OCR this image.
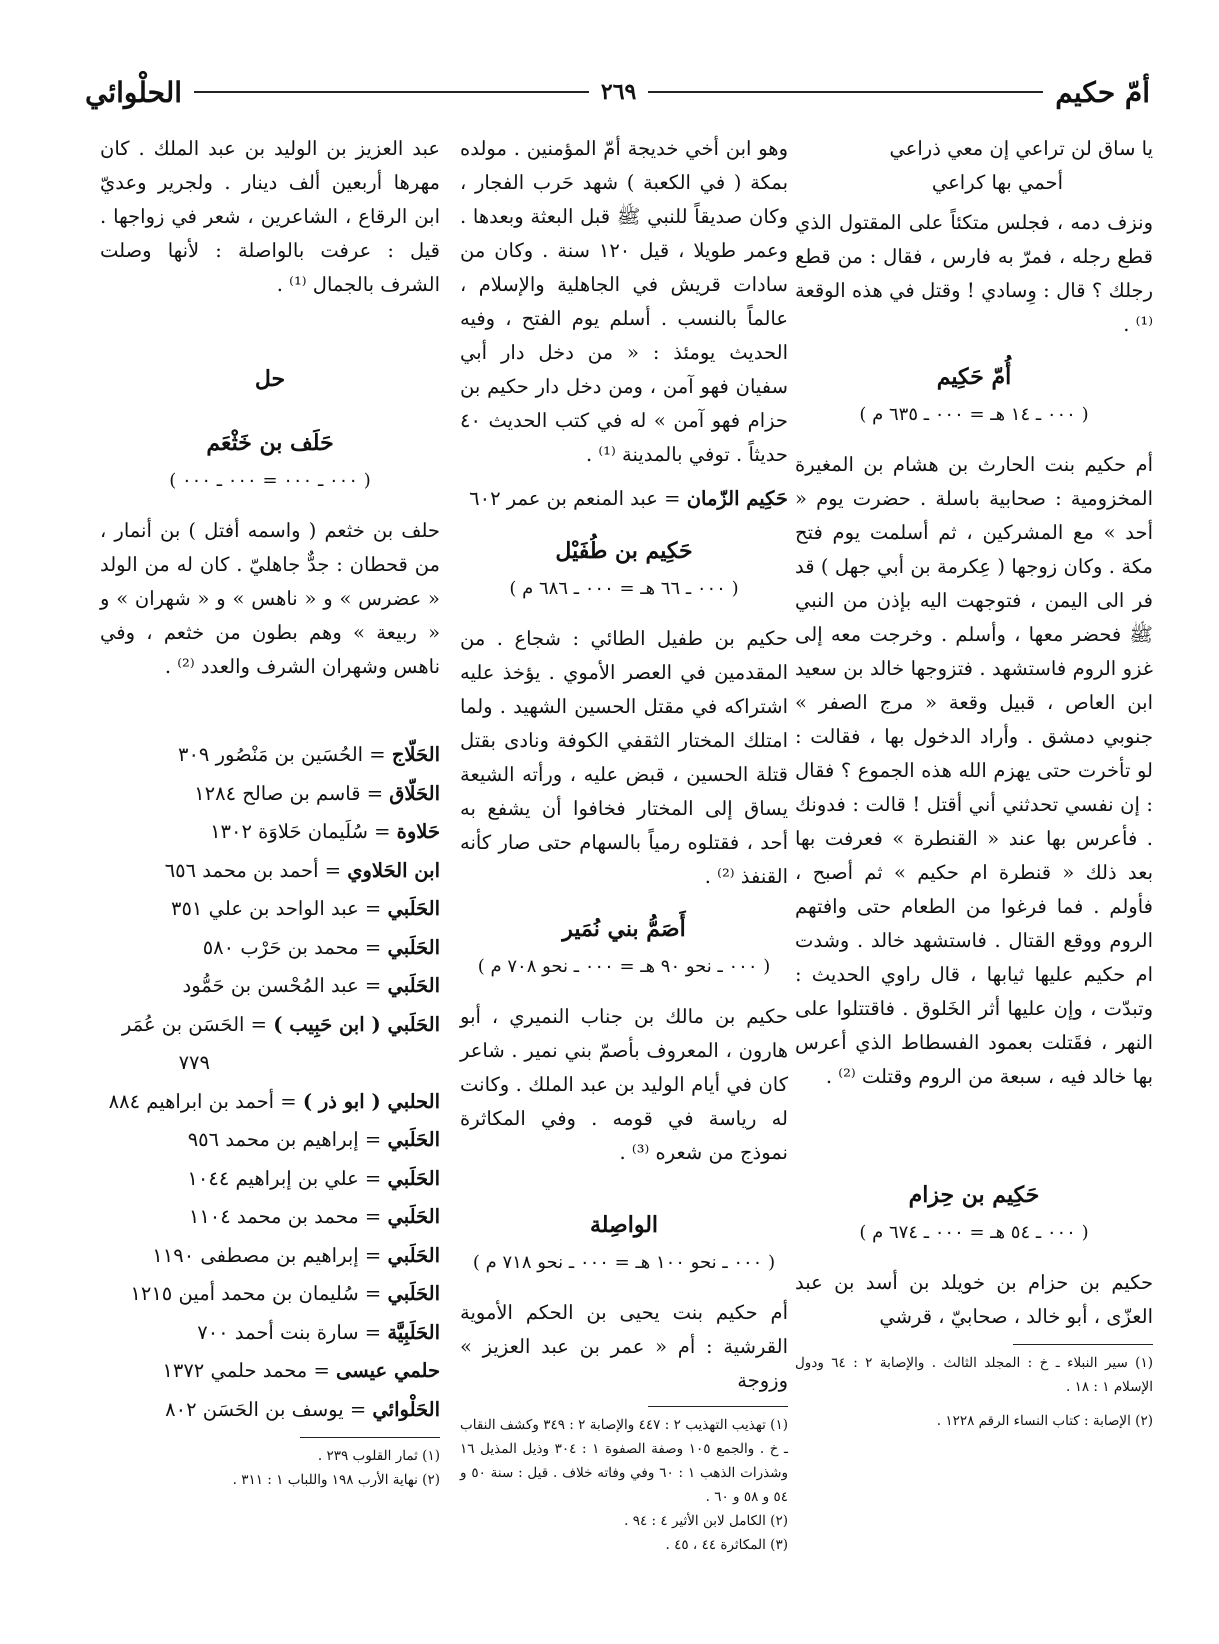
أمّ حكيم
٢٦٩
الحلْوائي
يا ساق لن تراعي إن معي ذراعي
أحمي بها كراعي

ونزف دمه ، فجلس متكئاً على المقتول الذي قطع رجله ، فمرّ به فارس ، فقال : من قطع رجلك ؟ قال : وِسادي ! وقتل في هذه الوقعة ⁽¹⁾ .

أُمّ حَكِيم
( ٠٠٠ ـ ١٤ هـ = ٠٠٠ ـ ٦٣٥ م )

أم حكيم بنت الحارث بن هشام بن المغيرة المخزومية : صحابية باسلة . حضرت يوم « أحد » مع المشركين ، ثم أسلمت يوم فتح مكة . وكان زوجها ( عِكرمة بن أبي جهل ) قد فر الى اليمن ، فتوجهت اليه بإذن من النبي ﷺ فحضر معها ، وأسلم . وخرجت معه إلى غزو الروم فاستشهد . فتزوجها خالد بن سعيد ابن العاص ، قبيل وقعة « مرج الصفر » جنوبي دمشق . وأراد الدخول بها ، فقالت : لو تأخرت حتى يهزم الله هذه الجموع ؟ فقال : إن نفسي تحدثني أني أقتل ! قالت : فدونك . فأعرس بها عند « القنطرة » فعرفت بها بعد ذلك « قنطرة ام حكيم » ثم أصبح ، فأولم . فما فرغوا من الطعام حتى وافتهم الروم ووقع القتال . فاستشهد خالد . وشدت ام حكيم عليها ثيابها ، قال راوي الحديث : وتبدّت ، وإن عليها أثر الخَلوق . فاقتتلوا على النهر ، فقَتلت بعمود الفسطاط الذي أعرس بها خالد فيه ، سبعة من الروم وقتلت ⁽²⁾ .

حَكِيم بن حِزام
( ٠٠٠ ـ ٥٤ هـ = ٠٠٠ ـ ٦٧٤ م )

حكيم بن حزام بن خويلد بن أسد بن عبد العزّى ، أبو خالد ، صحابيّ ، قرشي

(١) سير النبلاء ـ خ : المجلد الثالث . والإصابة ٢ : ٦٤ ودول الإسلام ١ : ١٨ .

(٢) الإصابة : كتاب النساء الرقم ١٢٢٨ .

وهو ابن أخي خديجة أمّ المؤمنين . مولده بمكة ( في الكعبة ) شهد حَرب الفجار ، وكان صديقاً للنبي ﷺ قبل البعثة وبعدها . وعمر طويلا ، قيل ١٢٠ سنة . وكان من سادات قريش في الجاهلية والإسلام ، عالماً بالنسب . أسلم يوم الفتح ، وفيه الحديث يومئذ : « من دخل دار أبي سفيان فهو آمن ، ومن دخل دار حكيم بن حزام فهو آمن » له في كتب الحديث ٤٠ حديثاً . توفي بالمدينة ⁽¹⁾ .

حَكِيم الزّمان = عبد المنعم بن عمر ٦٠٢
حَكِيم بن طُفَيْل
( ٠٠٠ ـ ٦٦ هـ = ٠٠٠ ـ ٦٨٦ م )

حكيم بن طفيل الطائي : شجاع . من المقدمين في العصر الأموي . يؤخذ عليه اشتراكه في مقتل الحسين الشهيد . ولما امتلك المختار الثقفي الكوفة ونادى بقتل قتلة الحسين ، قبض عليه ، ورأته الشيعة يساق إلى المختار فخافوا أن يشفع به أحد ، فقتلوه رمياً بالسهام حتى صار كأنه القنفذ ⁽²⁾ .

أَصَمُّ بني نُمَير
( ٠٠٠ ـ نحو ٩٠ هـ = ٠٠٠ ـ نحو ٧٠٨ م )

حكيم بن مالك بن جناب النميري ، أبو هارون ، المعروف بأصمّ بني نمير . شاعر كان في أيام الوليد بن عبد الملك . وكانت له رياسة في قومه . وفي المكاثرة نموذج من شعره ⁽³⁾ .

الواصِلة
( ٠٠٠ ـ نحو ١٠٠ هـ = ٠٠٠ ـ نحو ٧١٨ م )

أم حكيم بنت يحيى بن الحكم الأموية القرشية : أم « عمر بن عبد العزيز » وزوجة

(١) تهذيب التهذيب ٢ : ٤٤٧ والإصابة ٢ : ٣٤٩ وكشف النقاب ـ خ . والجمع ١٠٥ وصفة الصفوة ١ : ٣٠٤ وذيل المذيل ١٦ وشذرات الذهب ١ : ٦٠ وفي وفاته خلاف . قيل : سنة ٥٠ و ٥٤ و ٥٨ و ٦٠ .

(٢) الكامل لابن الأثير ٤ : ٩٤ .

(٣) المكاثرة ٤٤ ، ٤٥ .

عبد العزيز بن الوليد بن عبد الملك . كان مهرها أربعين ألف دينار . ولجرير وعديّ ابن الرقاع ، الشاعرين ، شعر في زواجها . قيل : عرفت بالواصلة : لأنها وصلت الشرف بالجمال ⁽¹⁾ .

حل
حَلَف بن خَثْعَم
( ٠٠٠ ـ ٠٠٠ = ٠٠٠ ـ ٠٠٠ )

حلف بن خثعم ( واسمه أفتل ) بن أنمار ، من قحطان : جدٌّ جاهليّ . كان له من الولد « عضرس » و « ناهس » و « شهران » و « ربيعة » وهم بطون من خثعم ، وفي ناهس وشهران الشرف والعدد ⁽²⁾ .

الحَلّاج = الحُسَين بن مَنْصُور ٣٠٩

الحَلّاق = قاسم بن صالح ١٢٨٤

حَلاوة = سُلَيمان حَلاوَة ١٣٠٢

ابن الحَلاوي = أحمد بن محمد ٦٥٦

الحَلَبي = عبد الواحد بن علي ٣٥١

الحَلَبي = محمد بن حَرْب ٥٨٠

الحَلَبي = عبد المُحْسن بن حَمُّود

الحَلَبي ( ابن حَبِيب ) = الحَسَن بن عُمَر

٧٧٩

الحلبي ( ابو ذر ) = أحمد بن ابراهيم ٨٨٤

الحَلَبي = إبراهيم بن محمد ٩٥٦

الحَلَبي = علي بن إبراهيم ١٠٤٤

الحَلَبي = محمد بن محمد ١١٠٤

الحَلَبي = إبراهيم بن مصطفى ١١٩٠

الحَلَبي = سُليمان بن محمد أمين ١٢١٥

الحَلَبِيَّة = سارة بنت أحمد ٧٠٠

حلمي عيسى = محمد حلمي ١٣٧٢

الحَلْوائي = يوسف بن الحَسَن ٨٠٢

(١) ثمار القلوب ٢٣٩ .

(٢) نهاية الأرب ١٩٨ واللباب ١ : ٣١١ .
